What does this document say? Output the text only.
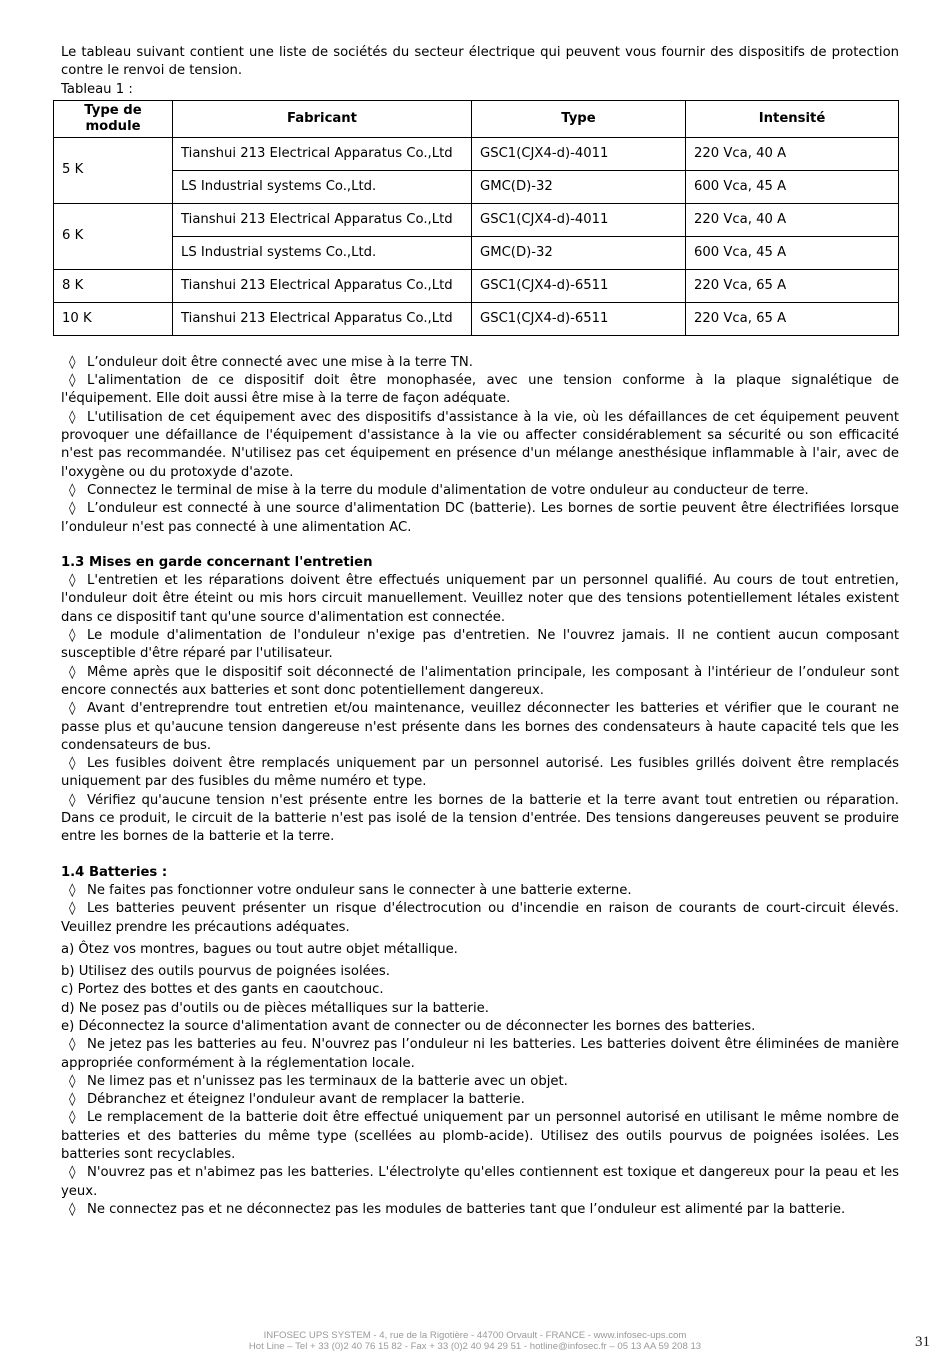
Le tableau suivant contient une liste de sociétés du secteur électrique qui peuvent vous fournir des dispositifs de protection contre le renvoi de tension.

Tableau 1 :

Type de module	Fabricant	Type	Intensité
5 K	Tianshui 213 Electrical Apparatus Co.,Ltd	GSC1(CJX4-d)-4011	220 Vca, 40 A
	LS Industrial systems Co.,Ltd.	GMC(D)-32	600 Vca, 45 A
6 K	Tianshui 213 Electrical Apparatus Co.,Ltd	GSC1(CJX4-d)-4011	220 Vca, 40 A
	LS Industrial systems Co.,Ltd.	GMC(D)-32	600 Vca, 45 A
8 K	Tianshui 213 Electrical Apparatus Co.,Ltd	GSC1(CJX4-d)-6511	220 Vca, 65 A
10 K	Tianshui 213 Electrical Apparatus Co.,Ltd	GSC1(CJX4-d)-6511	220 Vca, 65 A

◊ L’onduleur doit être connecté avec une mise à la terre TN.

◊ L'alimentation de ce dispositif doit être monophasée, avec une tension conforme à la plaque signalétique de l'équipement. Elle doit aussi être mise à la terre de façon adéquate.

◊ L'utilisation de cet équipement avec des dispositifs d'assistance à la vie, où les défaillances de cet équipement peuvent provoquer une défaillance de l'équipement d'assistance à la vie ou affecter considérablement sa sécurité ou son efficacité n'est pas recommandée. N'utilisez pas cet équipement en présence d'un mélange anesthésique inflammable à l'air, avec de l'oxygène ou du protoxyde d'azote.

◊ Connectez le terminal de mise à la terre du module d'alimentation de votre onduleur au conducteur de terre.

◊ L’onduleur est connecté à une source d'alimentation DC (batterie). Les bornes de sortie peuvent être électrifiées lorsque l’onduleur n'est pas connecté à une alimentation AC.

1.3 Mises en garde concernant l'entretien

◊ L'entretien et les réparations doivent être effectués uniquement par un personnel qualifié. Au cours de tout entretien, l'onduleur doit être éteint ou mis hors circuit manuellement. Veuillez noter que des tensions potentiellement létales existent dans ce dispositif tant qu'une source d'alimentation est connectée.

◊ Le module d'alimentation de l'onduleur n'exige pas d'entretien. Ne l'ouvrez jamais. Il ne contient aucun composant susceptible d'être réparé par l'utilisateur.

◊ Même après que le dispositif soit déconnecté de l'alimentation principale, les composant à l'intérieur de l’onduleur sont encore connectés aux batteries et sont donc potentiellement dangereux.

◊ Avant d'entreprendre tout entretien et/ou maintenance, veuillez déconnecter les batteries et vérifier que le courant ne passe plus et qu'aucune tension dangereuse n'est présente dans les bornes des condensateurs à haute capacité tels que les condensateurs de bus.

◊ Les fusibles doivent être remplacés uniquement par un personnel autorisé. Les fusibles grillés doivent être remplacés uniquement par des fusibles du même numéro et type.

◊ Vérifiez qu'aucune tension n'est présente entre les bornes de la batterie et la terre avant tout entretien ou réparation. Dans ce produit, le circuit de la batterie n'est pas isolé de la tension d'entrée. Des tensions dangereuses peuvent se produire entre les bornes de la batterie et la terre.

1.4 Batteries :

◊ Ne faites pas fonctionner votre onduleur sans le connecter à une batterie externe.

◊ Les batteries peuvent présenter un risque d'électrocution ou d'incendie en raison de courants de court-circuit élevés. Veuillez prendre les précautions adéquates.

a) Ôtez vos montres, bagues ou tout autre objet métallique.

b) Utilisez des outils pourvus de poignées isolées.

c) Portez des bottes et des gants en caoutchouc.

d) Ne posez pas d'outils ou de pièces métalliques sur la batterie.

e) Déconnectez la source d'alimentation avant de connecter ou de déconnecter les bornes des batteries.

◊ Ne jetez pas les batteries au feu. N'ouvrez pas l’onduleur ni les batteries. Les batteries doivent être éliminées de manière appropriée conformément à la réglementation locale.

◊ Ne limez pas et n'unissez pas les terminaux de la batterie avec un objet.

◊ Débranchez et éteignez l'onduleur avant de remplacer la batterie.

◊ Le remplacement de la batterie doit être effectué uniquement par un personnel autorisé en utilisant le même nombre de batteries et des batteries du même type (scellées au plomb-acide). Utilisez des outils pourvus de poignées isolées. Les batteries sont recyclables.

◊ N'ouvrez pas et n'abimez pas les batteries. L'électrolyte qu'elles contiennent est toxique et dangereux pour la peau et les yeux.

◊ Ne connectez pas et ne déconnectez pas les modules de batteries tant que l’onduleur est alimenté par la batterie.

INFOSEC UPS SYSTEM - 4, rue de la Rigotière - 44700 Orvault - FRANCE - www.infosec-ups.com
Hot Line – Tel + 33 (0)2 40 76 15 82 - Fax + 33 (0)2 40 94 29 51 - hotline@infosec.fr – 05 13 AA 59 208 13	31
